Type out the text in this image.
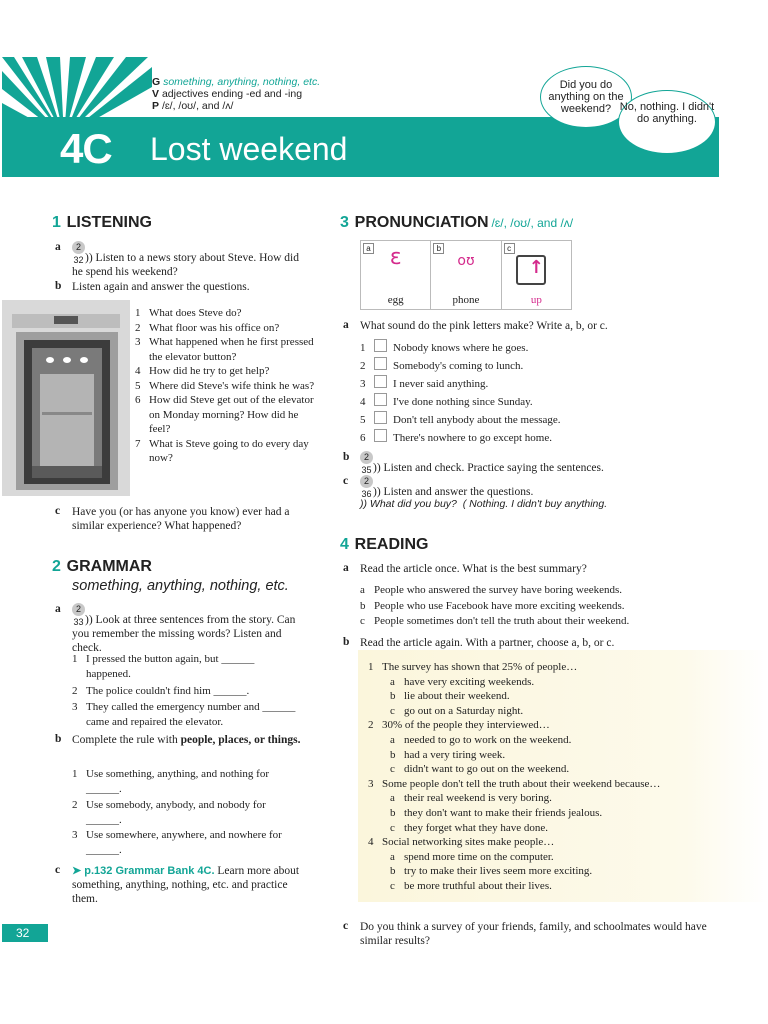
4C Lost weekend
G something, anything, nothing, etc.
V adjectives ending -ed and -ing
P /ɛ/, /oʊ/, and /ʌ/
Did you do anything on the weekend? No, nothing. I didn't do anything.
1 LISTENING
a	2 32 )) Listen to a news story about Steve. How did he spend his weekend?
b Listen again and answer the questions.
1 What does Steve do?
2 What floor was his office on?
3 What happened when he first pressed the elevator button?
4 How did he try to get help?
5 Where did Steve's wife think he was?
6 How did Steve get out of the elevator on Monday morning? How did he feel?
7 What is Steve going to do every day now?
c Have you (or has anyone you know) ever had a similar experience? What happened?
2 GRAMMAR
something, anything, nothing, etc.
a	2 33 )) Look at three sentences from the story. Can you remember the missing words? Listen and check.
1 I pressed the button again, but ______ happened.
2 The police couldn't find him ______.
3 They called the emergency number and ______ came and repaired the elevator.
b Complete the rule with people, places, or things.
1 Use something, anything, and nothing for ______.
2 Use somebody, anybody, and nobody for ______.
3 Use somewhere, anywhere, and nowhere for ______.
c ➤ p.132 Grammar Bank 4C. Learn more about something, anything, nothing, etc. and practice them.
3 PRONUNCIATION /ɛ/, /oʊ/, and /ʌ/
a ɛ
egg
b
oʊ
phone
c
↑
up
a What sound do the pink letters make? Write a, b, or c.
1	Nobody knows where he goes.
2	Somebody's coming to lunch.
3	I never said anything.
4	I've done nothing since Sunday.
5	Don't tell anybody about the message.
6	There's nowhere to go except home.
b	2 35 )) Listen and check. Practice saying the sentences.
c	2 36 )) Listen and answer the questions.
)) What did you buy?  ( Nothing. I didn't buy anything.
4 READING
a Read the article once. What is the best summary?
a People who answered the survey have boring weekends.
b People who use Facebook have more exciting weekends.
c People sometimes don't tell the truth about their weekend.
b Read the article again. With a partner, choose a, b, or c.
1 The survey has shown that 25% of people…
a have very exciting weekends.
b lie about their weekend.
c go out on a Saturday night.
2 30% of the people they interviewed…
a needed to go to work on the weekend.
b had a very tiring week.
c didn't want to go out on the weekend.
3 Some people don't tell the truth about their weekend because…
a their real weekend is very boring.
b they don't want to make their friends jealous.
c they forget what they have done.
4 Social networking sites make people…
a spend more time on the computer.
b try to make their lives seem more exciting.
c be more truthful about their lives.
c Do you think a survey of your friends, family, and schoolmates would have similar results?
32
